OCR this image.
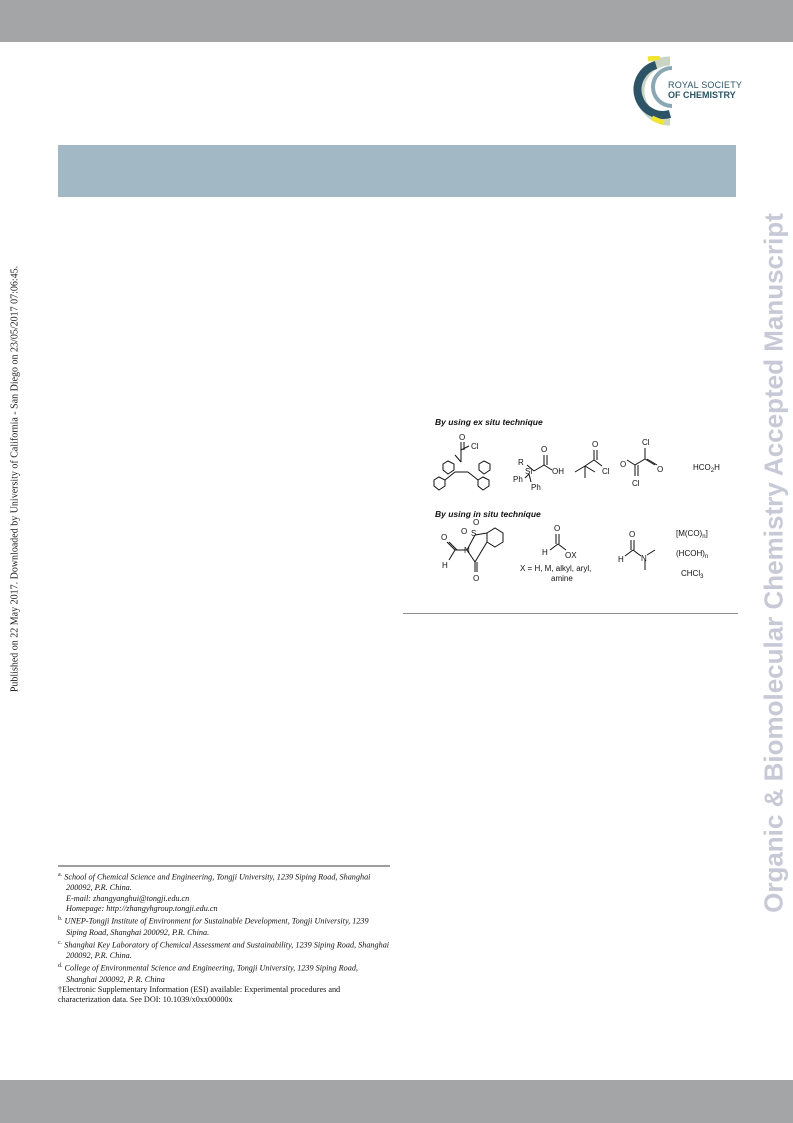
ROYAL SOCIETY
OF CHEMISTRY
Organic & Biomolecular Chemistry Accepted Manuscript
Published on 22 May 2017. Downloaded by University of California - San Diego on 23/05/2017 07:06:45.	By using ex situ technique
O
Cl
R
Si
O
OH
Ph
Ph
O
Cl
Cl
O
O
Cl
$HCO_2H$
By using in situ technique
O
O
S
N
O
O
H
O
H OX
X = H, M, alkyl, aryl,
amine
O
H N
$[M(CO)_n]$
$(HCOH)_n$
CHCl$_3$
$^{a.}$ School of Chemical Science and Engineering, Tongji University, 1239 Siping Road, Shanghai 200092, P.R. China.
E-mail: zhangyanghui@tongji.edu.cn
Homepage: http://zhangyhgroup.tongji.edu.cn
$^{b.}$ UNEP-Tongji Institute of Environment for Sustainable Development, Tongji University, 1239 Siping Road, Shanghai 200092, P.R. China.
$^{c.}$ Shanghai Key Laboratory of Chemical Assessment and Sustainability, 1239 Siping Road, Shanghai 200092, P.R. China.
$^{d.}$ College of Environmental Science and Engineering, Tongji University, 1239 Siping Road, Shanghai 200092, P. R. China
†Electronic Supplementary Information (ESI) available: Experimental procedures and characterization data. See DOI: 10.1039/x0xx00000x
